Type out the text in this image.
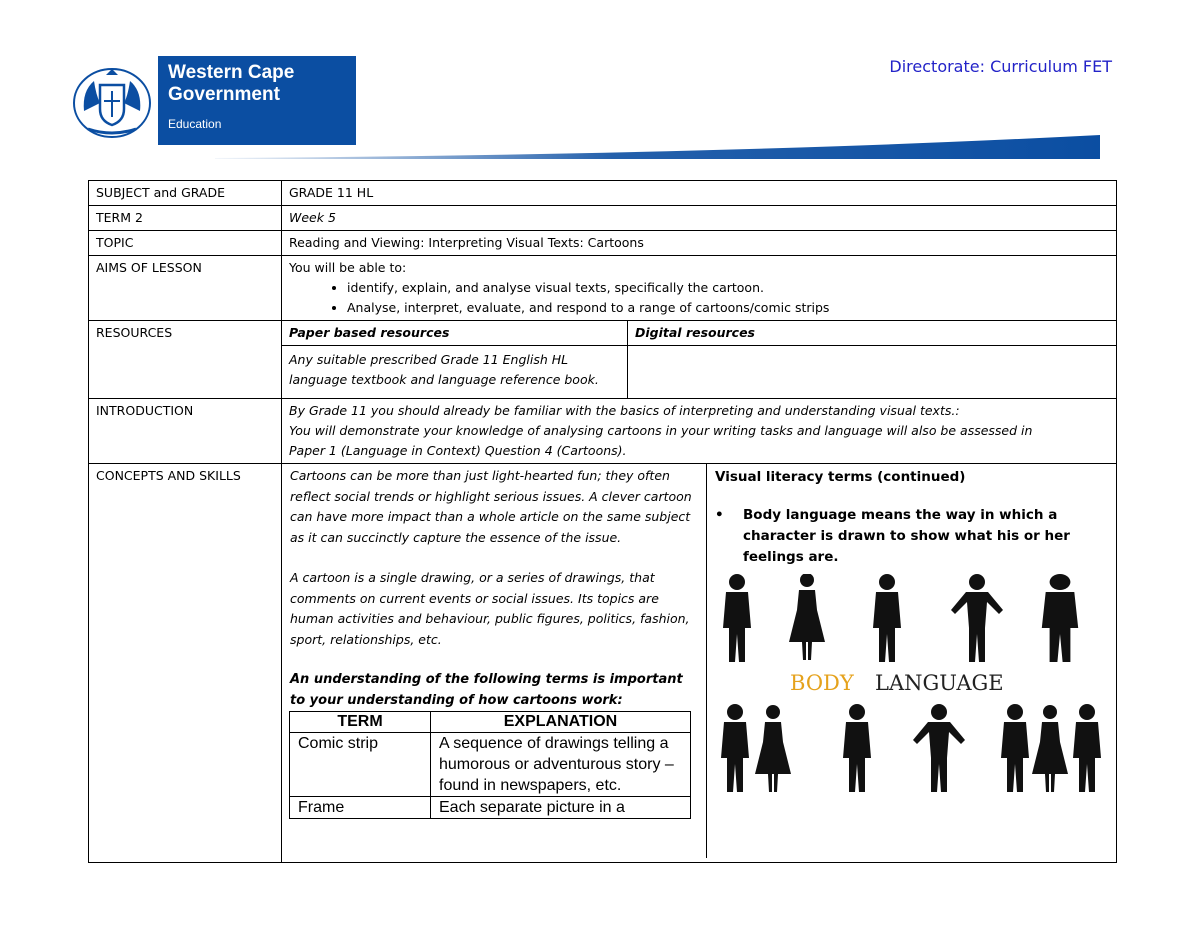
Western Cape
Government
Education
Directorate: Curriculum FET
SUBJECT and GRADE	GRADE 11 HL
TERM 2	Week 5
TOPIC	Reading and Viewing: Interpreting Visual Texts: Cartoons
AIMS OF LESSON	You will be able to:
• identify, explain, and analyse visual texts, specifically the cartoon.
• Analyse, interpret, evaluate, and respond to a range of cartoons/comic strips

RESOURCES		Paper based resources	Digital resources
Any suitable prescribed Grade 11 English HL language textbook and language reference book.	

INTRODUCTION	By Grade 11 you should already be familiar with the basics of interpreting and understanding visual texts.:
You will demonstrate your knowledge of analysing cartoons in your writing tasks and language will also be assessed in
Paper 1 (Language in Context) Question 4 (Cartoons).

CONCEPTS AND SKILLS	Cartoons can be more than just light-hearted fun; they often reflect social trends or highlight serious issues. A clever cartoon can have more impact than a whole article on the same subject as it can succinctly capture the essence of the issue.

A cartoon is a single drawing, or a series of drawings, that comments on current events or social issues. Its topics are human activities and behaviour, public figures, politics, fashion, sport, relationships, etc.

An understanding of the following terms is important to your understanding of how cartoons work:

TERM	EXPLANATION
Comic strip	A sequence of drawings telling a humorous or adventurous story – found in newspapers, etc.
Frame	Each separate picture in a
Visual literacy terms (continued)
•	Body language means the way in which a character is drawn to show what his or her feelings are.
BODY LANGUAGE
